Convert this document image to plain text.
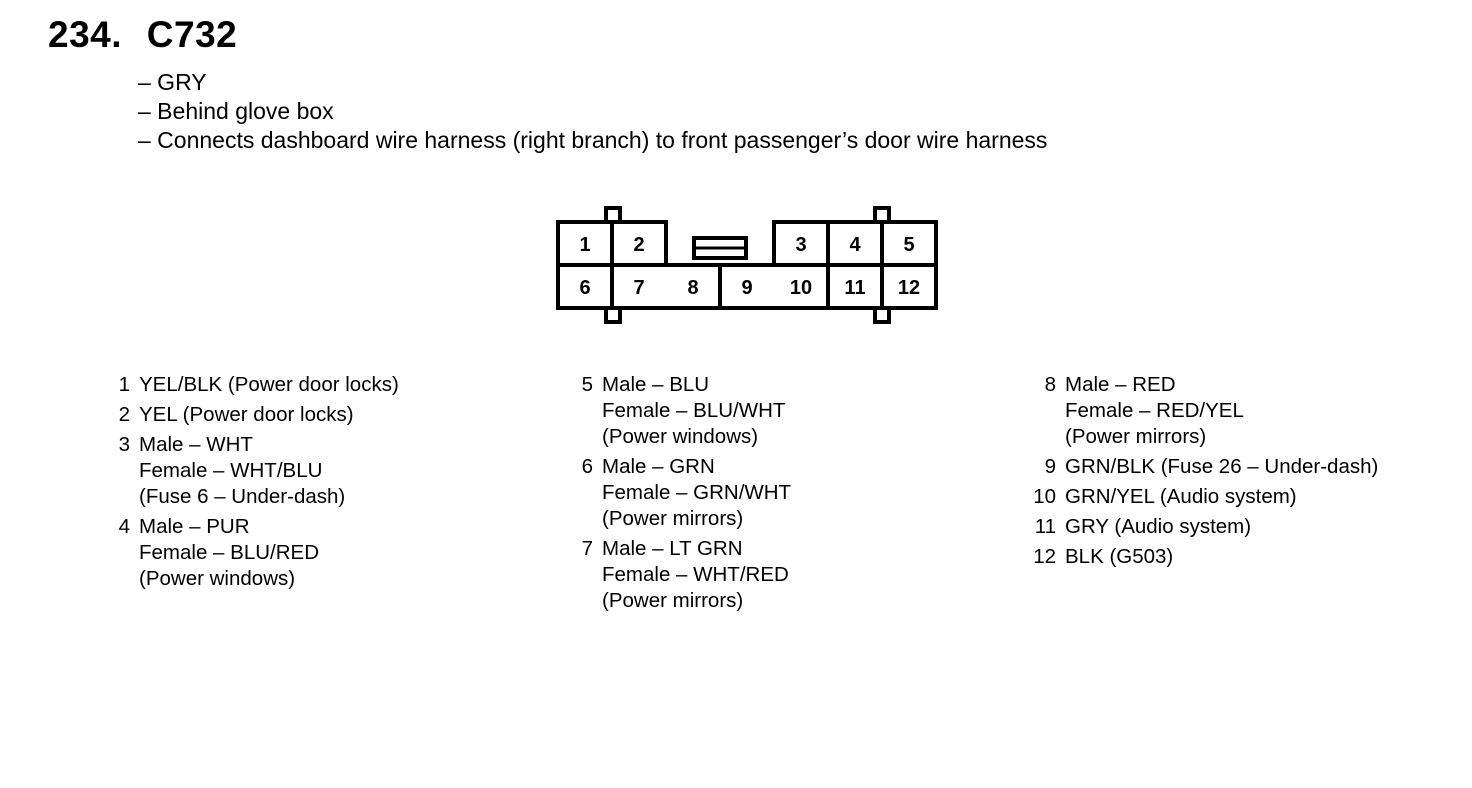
234. C732
– GRY
– Behind glove box
– Connects dashboard wire harness (right branch) to front passenger’s door wire harness
1 2	3 4 5
6 7 8 9 10 11 12
1 YEL/BLK (Power door locks)
2 YEL (Power door locks)
3 Male – WHT
Female – WHT/BLU
(Fuse 6 – Under-dash)
4 Male – PUR
Female – BLU/RED
(Power windows)
5 Male – BLU
Female – BLU/WHT
(Power windows)
6 Male – GRN
Female – GRN/WHT
(Power mirrors)
7 Male – LT GRN
Female – WHT/RED
(Power mirrors)
8 Male – RED
Female – RED/YEL
(Power mirrors)
9 GRN/BLK (Fuse 26 – Under-dash)
10 GRN/YEL (Audio system)
11 GRY (Audio system)
12 BLK (G503)
